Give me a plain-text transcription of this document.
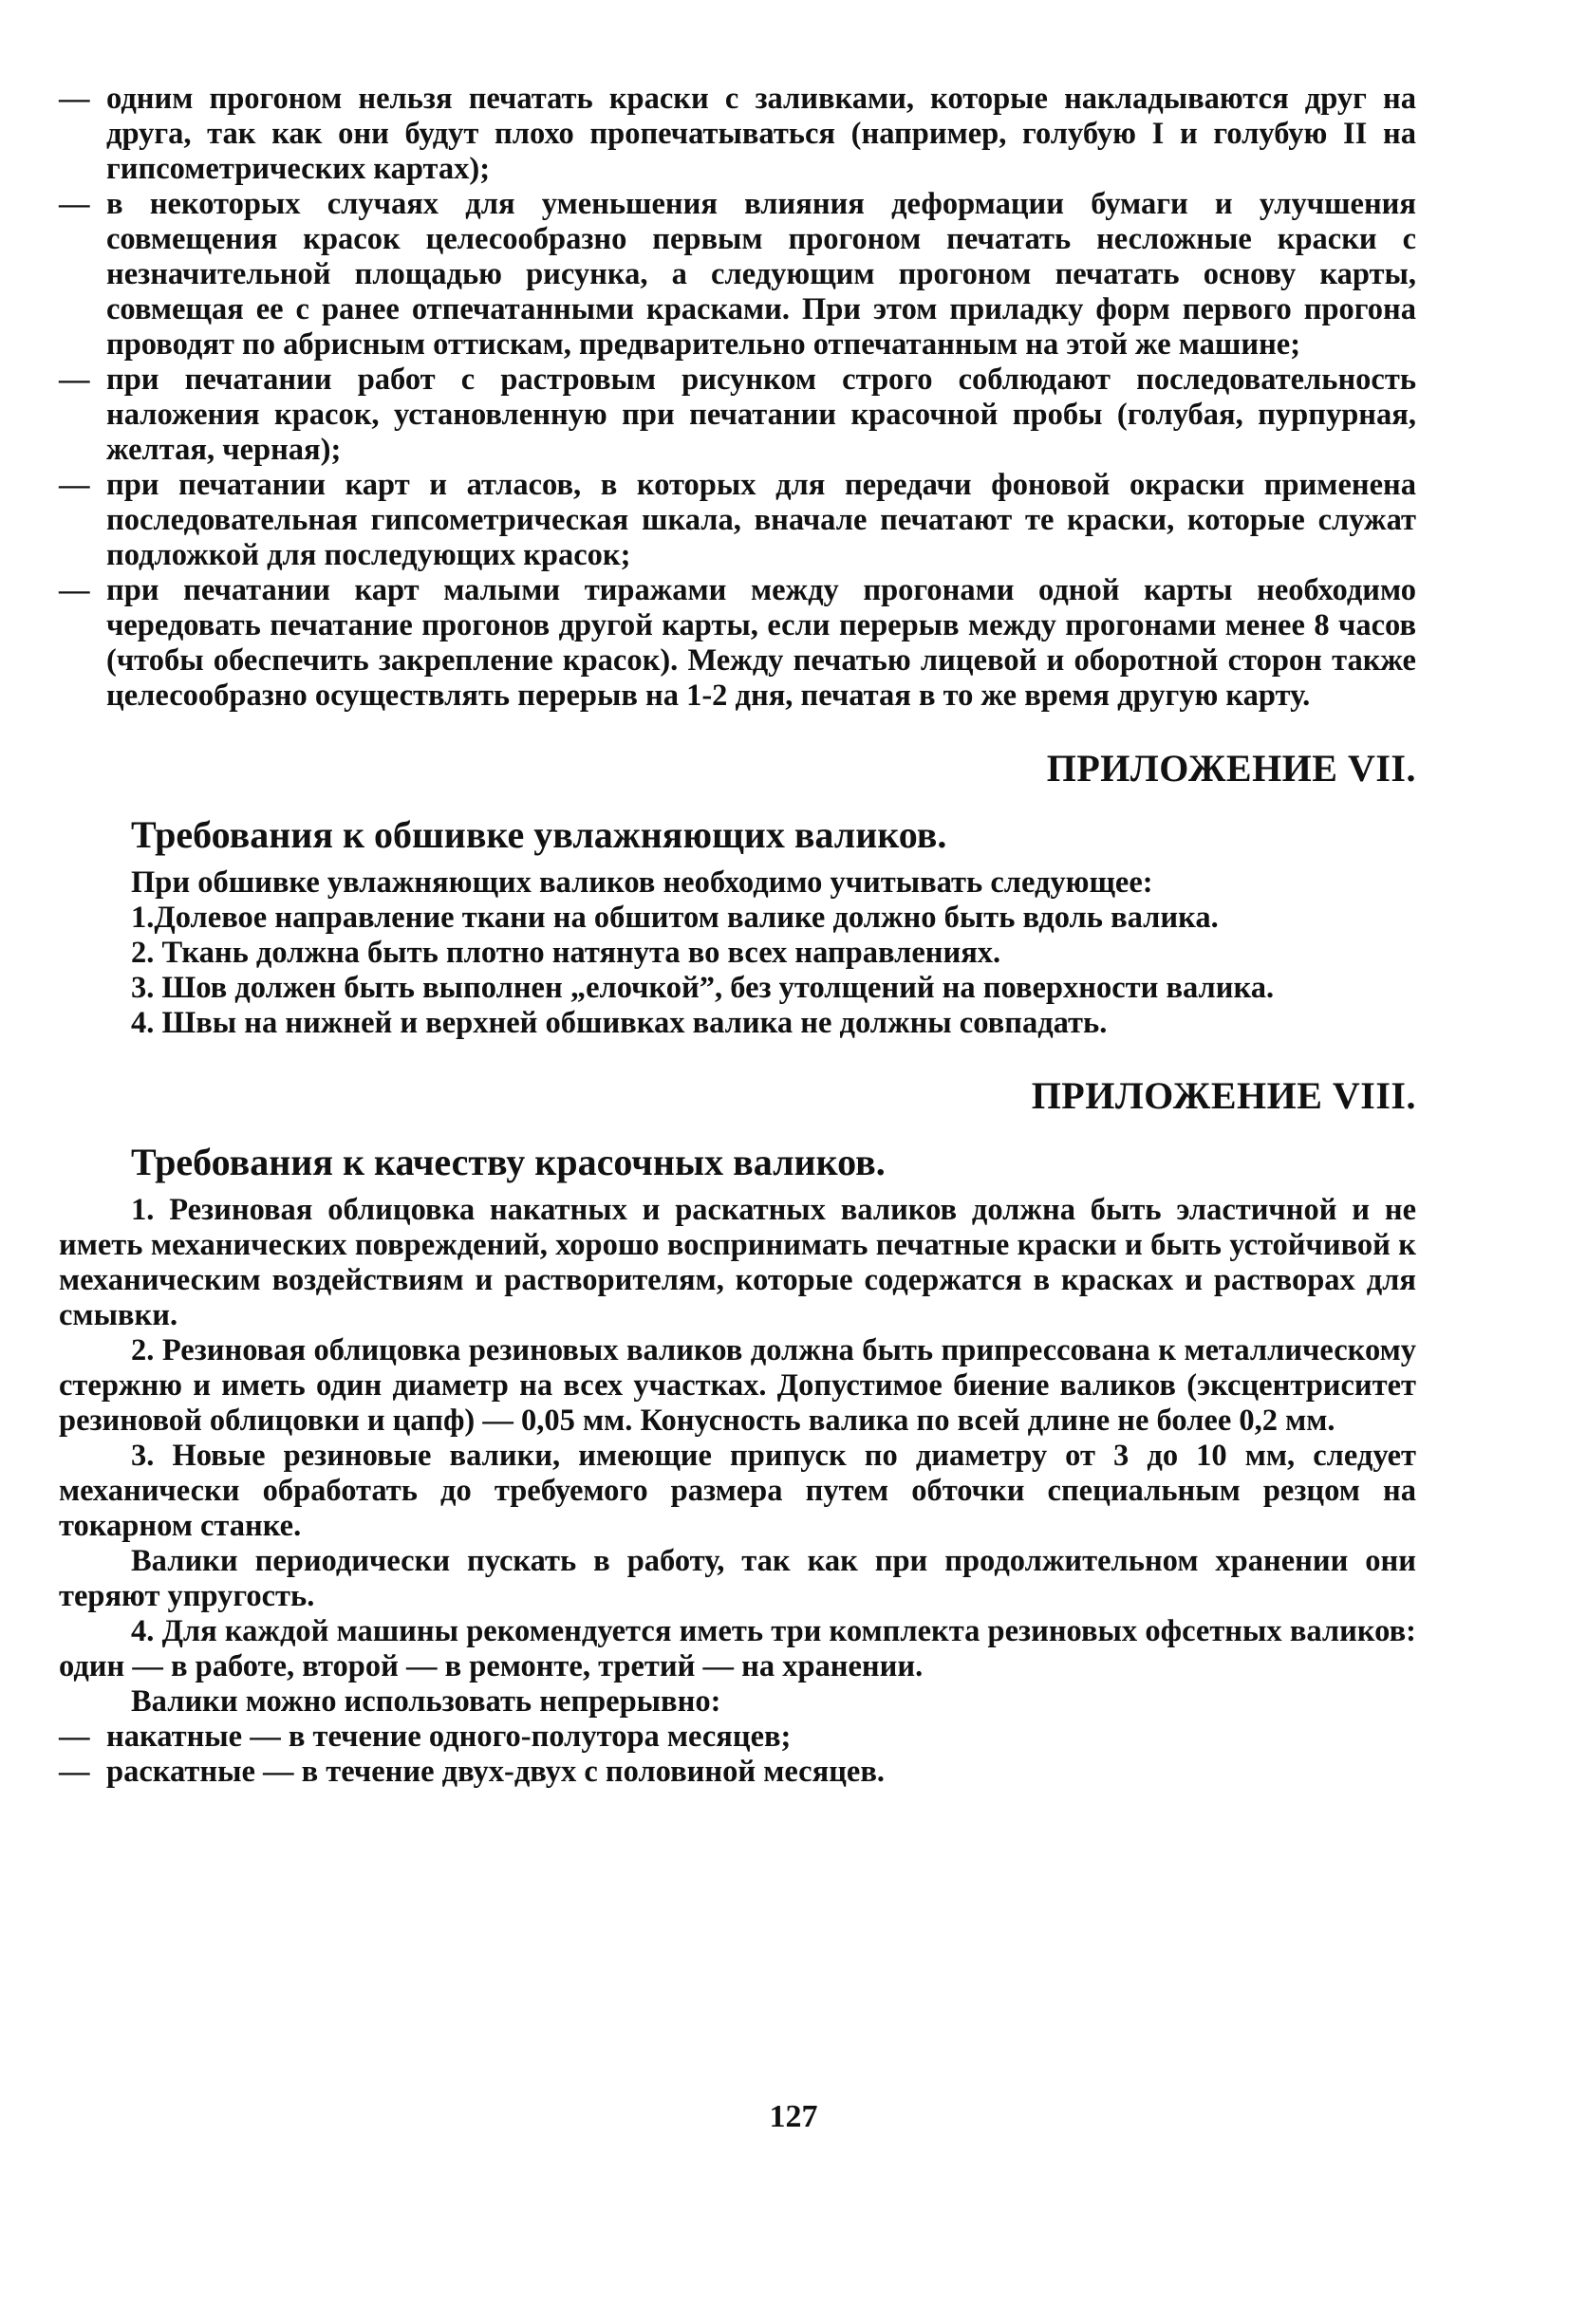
— одним прогоном нельзя печатать краски с заливками, которые накладываются друг на друга, так как они будут плохо пропечатываться (например, голубую I и голубую II на гипсометрических картах);
— в некоторых случаях для уменьшения влияния деформации бумаги и улучшения совмещения красок целесообразно первым прогоном печатать несложные краски с незначительной площадью рисунка, а следующим прогоном печатать основу карты, совмещая ее с ранее отпечатанными красками. При этом приладку форм первого прогона проводят по абрисным оттискам, предварительно отпечатанным на этой же машине;
— при печатании работ с растровым рисунком строго соблюдают последовательность наложения красок, установленную при печатании красочной пробы (голубая, пурпурная, желтая, черная);
— при печатании карт и атласов, в которых для передачи фоновой окраски применена последовательная гипсометрическая шкала, вначале печатают те краски, которые служат подложкой для последующих красок;
— при печатании карт малыми тиражами между прогонами одной карты необходимо чередовать печатание прогонов другой карты, если перерыв между прогонами менее 8 часов (чтобы обеспечить закрепление красок). Между печатью лицевой и оборотной сторон также целесообразно осуществлять перерыв на 1-2 дня, печатая в то же время другую карту.
ПРИЛОЖЕНИЕ VII.
Требования к обшивке увлажняющих валиков.

При обшивке увлажняющих валиков необходимо учитывать следующее:

1.Долевое направление ткани на обшитом валике должно быть вдоль валика.

2. Ткань должна быть плотно натянута во всех направлениях.

3. Шов должен быть выполнен „елочкой”, без утолщений на поверхности валика.

4. Швы на нижней и верхней обшивках валика не должны совпадать.

ПРИЛОЖЕНИЕ VIII.
Требования к качеству красочных валиков.

1. Резиновая облицовка накатных и раскатных валиков должна быть эластичной и не иметь механических повреждений, хорошо воспринимать печатные краски и быть устойчивой к механическим воздействиям и растворителям, которые содержатся в красках и растворах для смывки.

2. Резиновая облицовка резиновых валиков должна быть припрессована к металлическому стержню и иметь один диаметр на всех участках. Допустимое биение валиков (эксцентриситет резиновой облицовки и цапф) — 0,05 мм. Конусность валика по всей длине не более 0,2 мм.

3. Новые резиновые валики, имеющие припуск по диаметру от 3 до 10 мм, следует механически обработать до требуемого размера путем обточки специальным резцом на токарном станке.

Валики периодически пускать в работу, так как при продолжительном хранении они теряют упругость.

4. Для каждой машины рекомендуется иметь три комплекта резиновых офсетных валиков: один — в работе, второй — в ремонте, третий — на хранении.

Валики можно использовать непрерывно:

— накатные — в течение одного-полутора месяцев;
— раскатные — в течение двух-двух с половиной месяцев.
127
